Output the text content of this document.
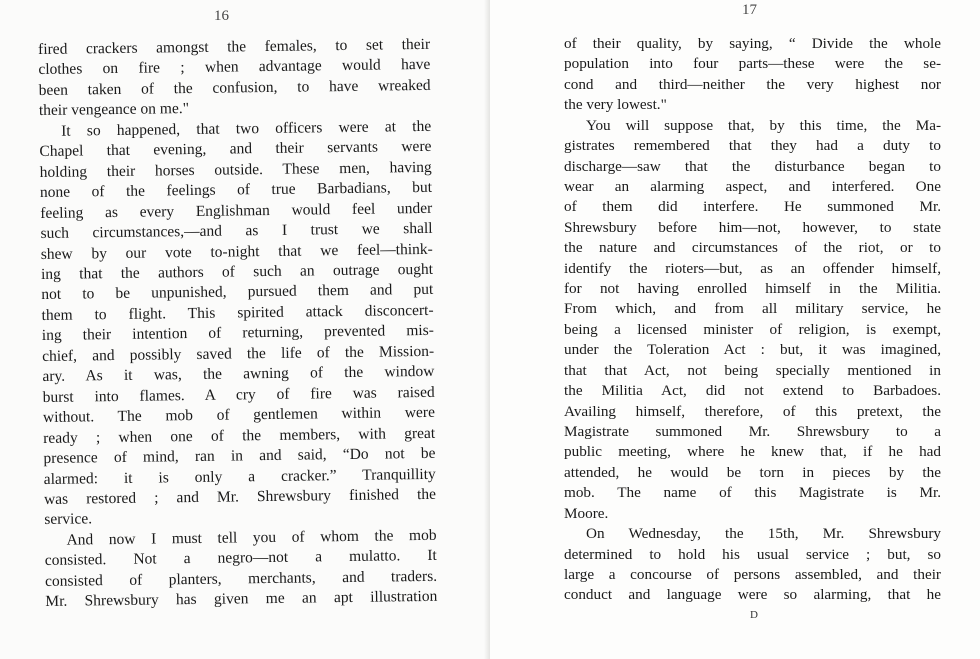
16
fired crackers amongst the females, to set their
clothes on fire ; when advantage would have
been taken of the confusion, to have wreaked
their vengeance on me."
It so happened, that two officers were at the
Chapel that evening, and their servants were
holding their horses outside. These men, having
none of the feelings of true Barbadians, but
feeling as every Englishman would feel under
such circumstances,—and as I trust we shall
shew by our vote to-night that we feel—think-
ing that the authors of such an outrage ought
not to be unpunished, pursued them and put
them to flight. This spirited attack disconcert-
ing their intention of returning, prevented mis-
chief, and possibly saved the life of the Mission-
ary. As it was, the awning of the window
burst into flames. A cry of fire was raised
without. The mob of gentlemen within were
ready ; when one of the members, with great
presence of mind, ran in and said, “Do not be
alarmed: it is only a cracker.” Tranquillity
was restored ; and Mr. Shrewsbury finished the
service.
And now I must tell you of whom the mob
consisted. Not a negro—not a mulatto. It
consisted of planters, merchants, and traders.
Mr. Shrewsbury has given me an apt illustration
17
of their quality, by saying, “ Divide the whole
population into four parts—these were the se-
cond and third—neither the very highest nor
the very lowest."
You will suppose that, by this time, the Ma-
gistrates remembered that they had a duty to
discharge—saw that the disturbance began to
wear an alarming aspect, and interfered. One
of them did interfere. He summoned Mr.
Shrewsbury before him—not, however, to state
the nature and circumstances of the riot, or to
identify the rioters—but, as an offender himself,
for not having enrolled himself in the Militia.
From which, and from all military service, he
being a licensed minister of religion, is exempt,
under the Toleration Act : but, it was imagined,
that that Act, not being specially mentioned in
the Militia Act, did not extend to Barbadoes.
Availing himself, therefore, of this pretext, the
Magistrate summoned Mr. Shrewsbury to a
public meeting, where he knew that, if he had
attended, he would be torn in pieces by the
mob. The name of this Magistrate is Mr.
Moore.
On Wednesday, the 15th, Mr. Shrewsbury
determined to hold his usual service ; but, so
large a concourse of persons assembled, and their
conduct and language were so alarming, that he
D
